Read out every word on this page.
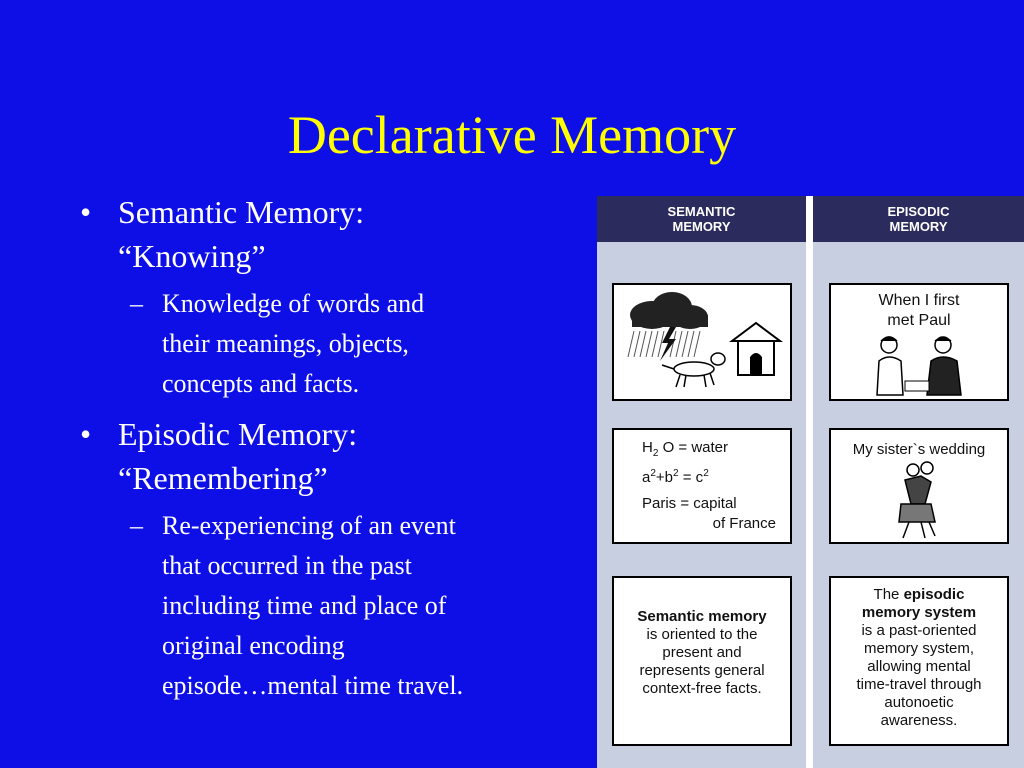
Declarative Memory
• Semantic Memory:
“Knowing”
– Knowledge of words and
their meanings, objects,
concepts and facts.
• Episodic Memory:
“Remembering”
– Re-experiencing of an event
that occurred in the past
including time and place of
original encoding
episode…mental time travel.
SEMANTIC
MEMORY
EPISODIC
MEMORY
When I first
met Paul
$H_2$ O = water
$a^2+b^2 = c^2$
Paris = capital
of France
My sister`s wedding
Semantic memory
is oriented to the
present and
represents general
context-free facts.
The episodic
memory system
is a past-oriented
memory system,
allowing mental
time-travel through
autonoetic
awareness.
